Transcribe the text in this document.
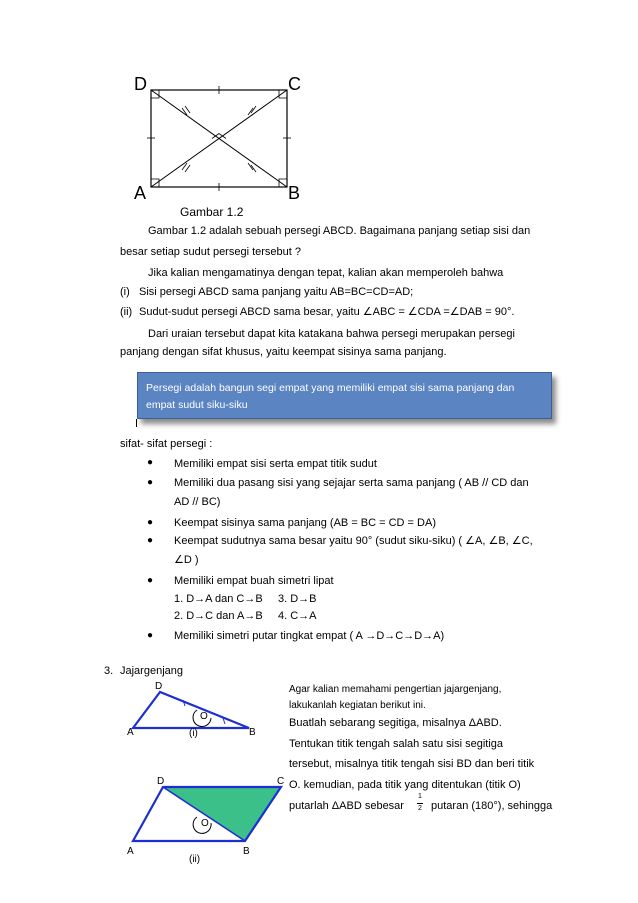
D	C
A	B
Gambar 1.2
Gambar 1.2 adalah sebuah persegi ABCD. Bagaimana panjang setiap sisi dan
besar setiap sudut persegi tersebut ?
Jika kalian mengamatinya dengan tepat, kalian akan memperoleh bahwa
(i) Sisi persegi ABCD sama panjang yaitu AB=BC=CD=AD;
(ii) Sudut-sudut persegi ABCD sama besar, yaitu ∠ABC = ∠CDA =∠DAB = 90°.
Dari uraian tersebut dapat kita katakana bahwa persegi merupakan persegi
panjang dengan sifat khusus, yaitu keempat sisinya sama panjang.
Persegi adalah bangun segi empat yang memiliki empat sisi sama panjang dan
empat sudut siku-siku
sifat- sifat persegi :
● Memiliki empat sisi serta empat titik sudut
● Memiliki dua pasang sisi yang sejajar serta sama panjang ( AB // CD dan
AD // BC)
● Keempat sisinya sama panjang (AB = BC = CD = DA)
● Keempat sudutnya sama besar yaitu 90° (sudut siku-siku) ( ∠A, ∠B, ∠C,
∠D )
● Memiliki empat buah simetri lipat
1. D→A dan C→B 3. D→B
2. D→C dan A→B 4. C→A
● Memiliki simetri putar tingkat empat ( A →D→C→D→A)
3. Jajargenjang
D
O
A	B
(i)
D	C
O
A	B
(ii)
Agar kalian memahami pengertian jajargenjang,
lakukanlah kegiatan berikut ini.
Buatlah sebarang segitiga, misalnya ΔABD.
Tentukan titik tengah salah satu sisi segitiga
tersebut, misalnya titik tengah sisi BD dan beri titik
O. kemudian, pada titik yang ditentukan (titik O)
putarlah ΔABD sebesar
1
2 putaran (180°), sehingga
